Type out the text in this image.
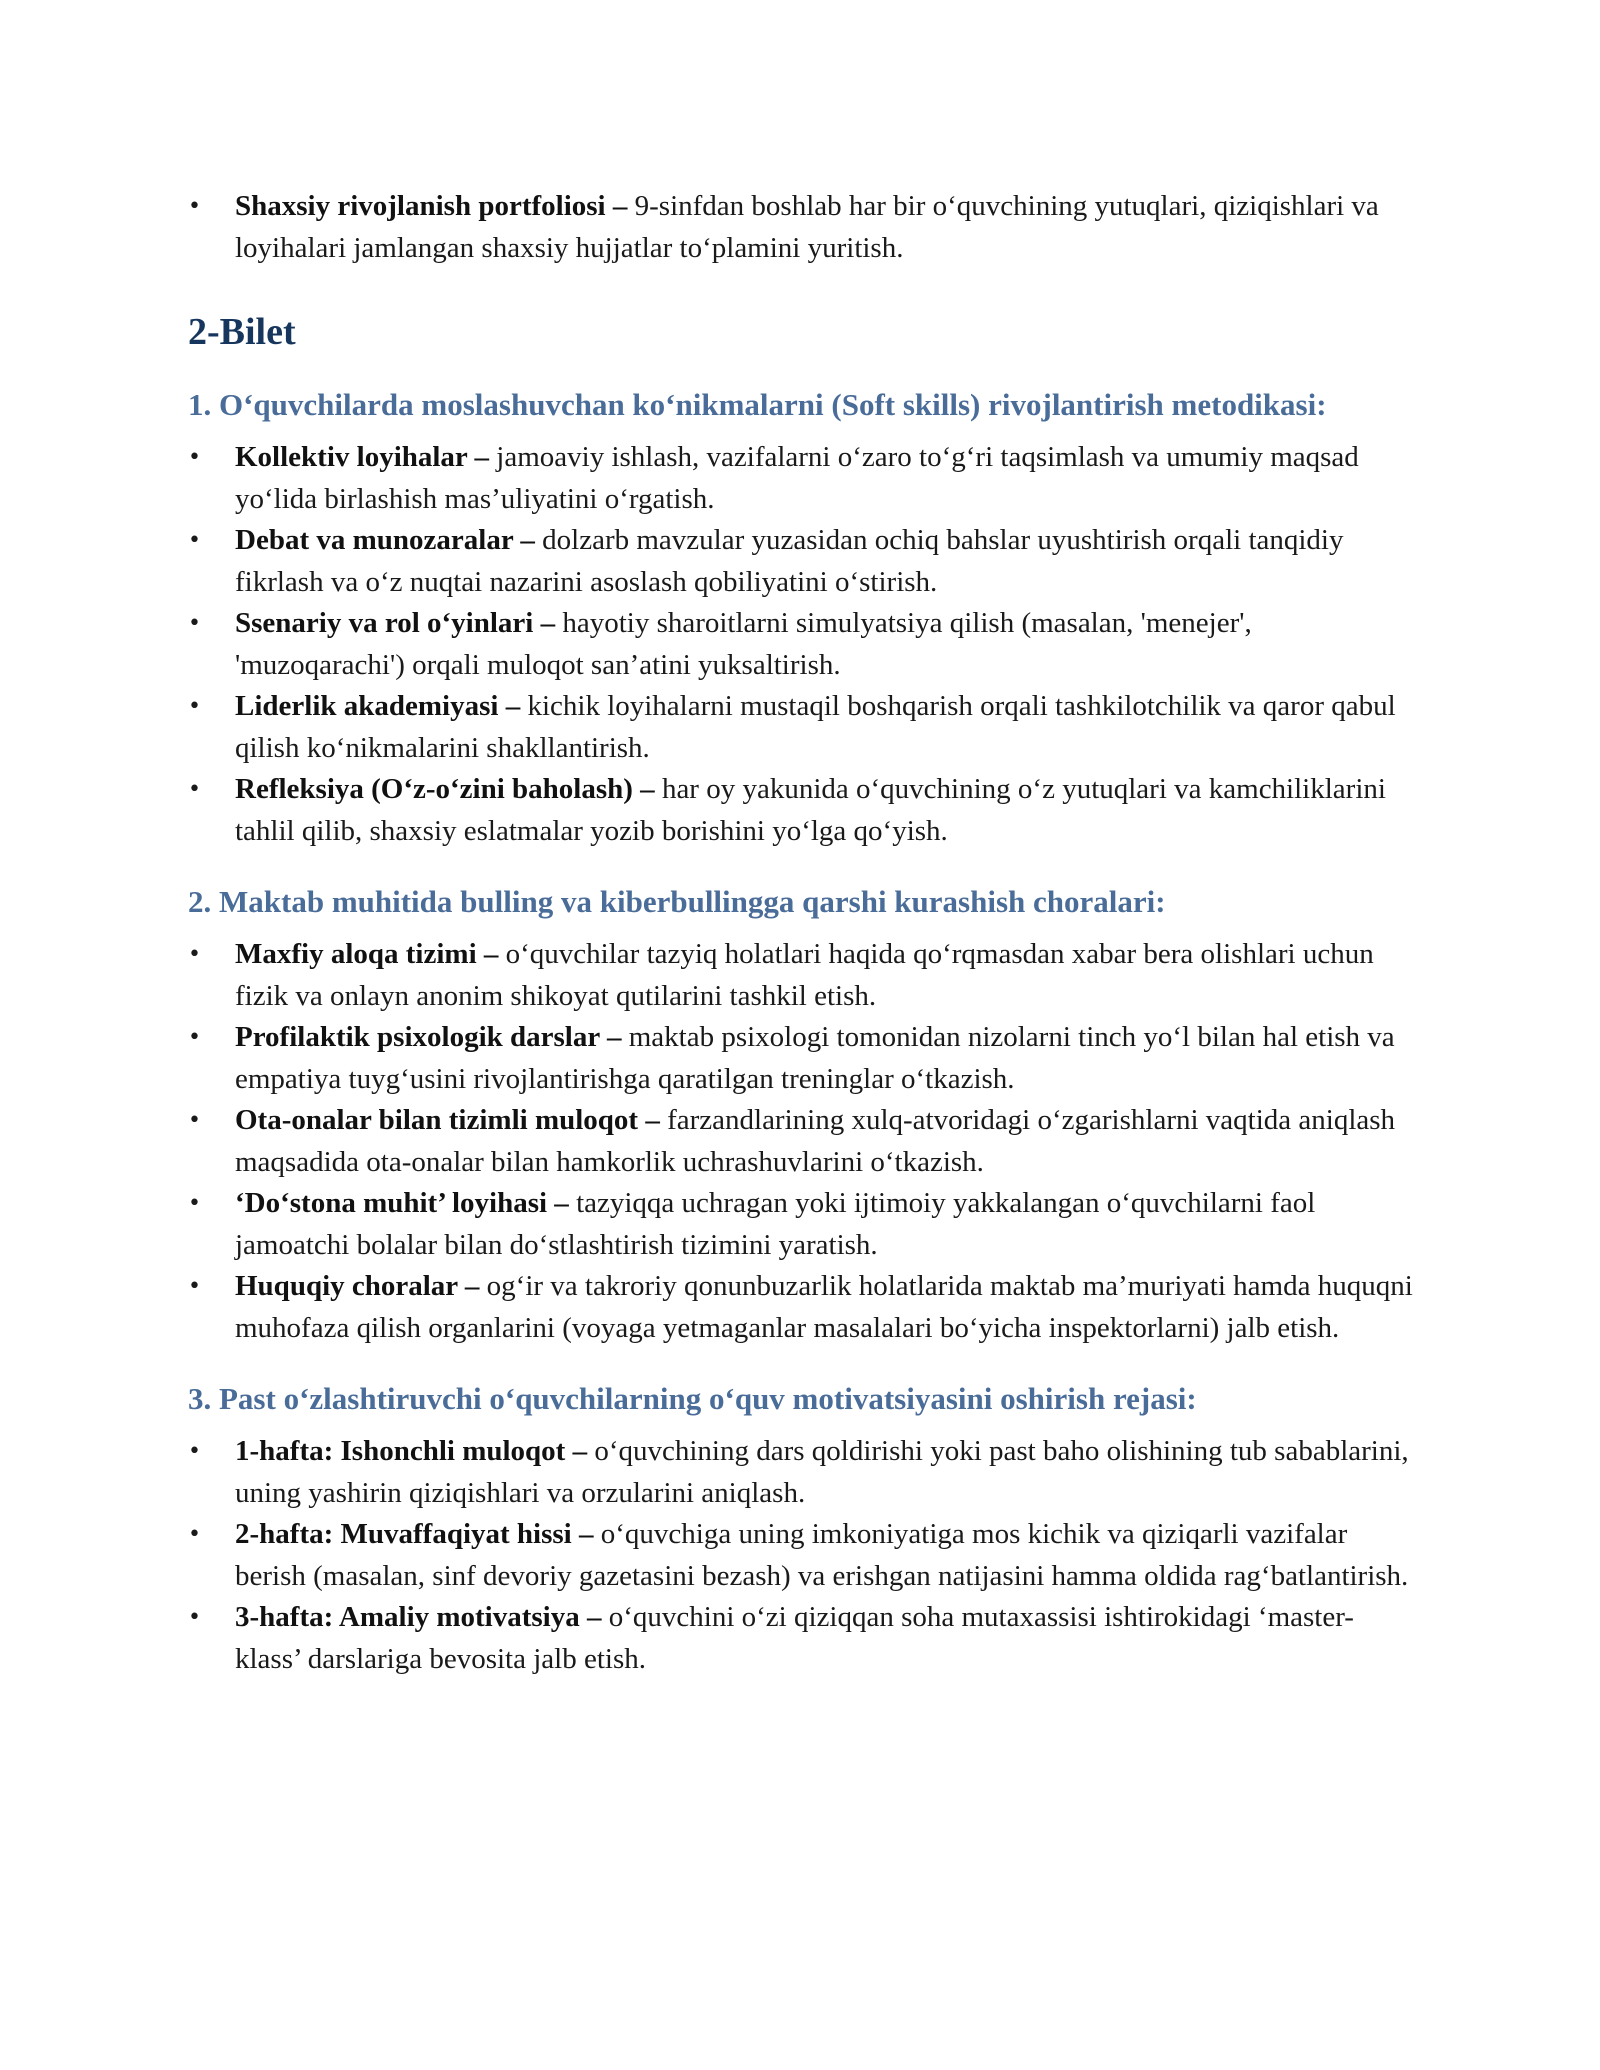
• Shaxsiy rivojlanish portfoliosi – 9-sinfdan boshlab har bir o‘quvchining yutuqlari, qiziqishlari va loyihalari jamlangan shaxsiy hujjatlar to‘plamini yuritish.
2-Bilet
1. O‘quvchilarda moslashuvchan ko‘nikmalarni (Soft skills) rivojlantirish metodikasi:
• Kollektiv loyihalar – jamoaviy ishlash, vazifalarni o‘zaro to‘g‘ri taqsimlash va umumiy maqsad yo‘lida birlashish mas’uliyatini o‘rgatish.
• Debat va munozaralar – dolzarb mavzular yuzasidan ochiq bahslar uyushtirish orqali tanqidiy fikrlash va o‘z nuqtai nazarini asoslash qobiliyatini o‘stirish.
• Ssenariy va rol o‘yinlari – hayotiy sharoitlarni simulyatsiya qilish (masalan, 'menejer', 'muzoqarachi') orqali muloqot san’atini yuksaltirish.
• Liderlik akademiyasi – kichik loyihalarni mustaqil boshqarish orqali tashkilotchilik va qaror qabul qilish ko‘nikmalarini shakllantirish.
• Refleksiya (O‘z-o‘zini baholash) – har oy yakunida o‘quvchining o‘z yutuqlari va kamchiliklarini tahlil qilib, shaxsiy eslatmalar yozib borishini yo‘lga qo‘yish.
2. Maktab muhitida bulling va kiberbullingga qarshi kurashish choralari:
• Maxfiy aloqa tizimi – o‘quvchilar tazyiq holatlari haqida qo‘rqmasdan xabar bera olishlari uchun fizik va onlayn anonim shikoyat qutilarini tashkil etish.
• Profilaktik psixologik darslar – maktab psixologi tomonidan nizolarni tinch yo‘l bilan hal etish va empatiya tuyg‘usini rivojlantirishga qaratilgan treninglar o‘tkazish.
• Ota-onalar bilan tizimli muloqot – farzandlarining xulq-atvoridagi o‘zgarishlarni vaqtida aniqlash maqsadida ota-onalar bilan hamkorlik uchrashuvlarini o‘tkazish.
• ‘Do‘stona muhit’ loyihasi – tazyiqqa uchragan yoki ijtimoiy yakkalangan o‘quvchilarni faol jamoatchi bolalar bilan do‘stlashtirish tizimini yaratish.
• Huquqiy choralar – og‘ir va takroriy qonunbuzarlik holatlarida maktab ma’muriyati hamda huquqni muhofaza qilish organlarini (voyaga yetmaganlar masalalari bo‘yicha inspektorlarni) jalb etish.
3. Past o‘zlashtiruvchi o‘quvchilarning o‘quv motivatsiyasini oshirish rejasi:
• 1-hafta: Ishonchli muloqot – o‘quvchining dars qoldirishi yoki past baho olishining tub sabablarini, uning yashirin qiziqishlari va orzularini aniqlash.
• 2-hafta: Muvaffaqiyat hissi – o‘quvchiga uning imkoniyatiga mos kichik va qiziqarli vazifalar berish (masalan, sinf devoriy gazetasini bezash) va erishgan natijasini hamma oldida rag‘batlantirish.
• 3-hafta: Amaliy motivatsiya – o‘quvchini o‘zi qiziqqan soha mutaxassisi ishtirokidagi ‘master-klass’ darslariga bevosita jalb etish.
